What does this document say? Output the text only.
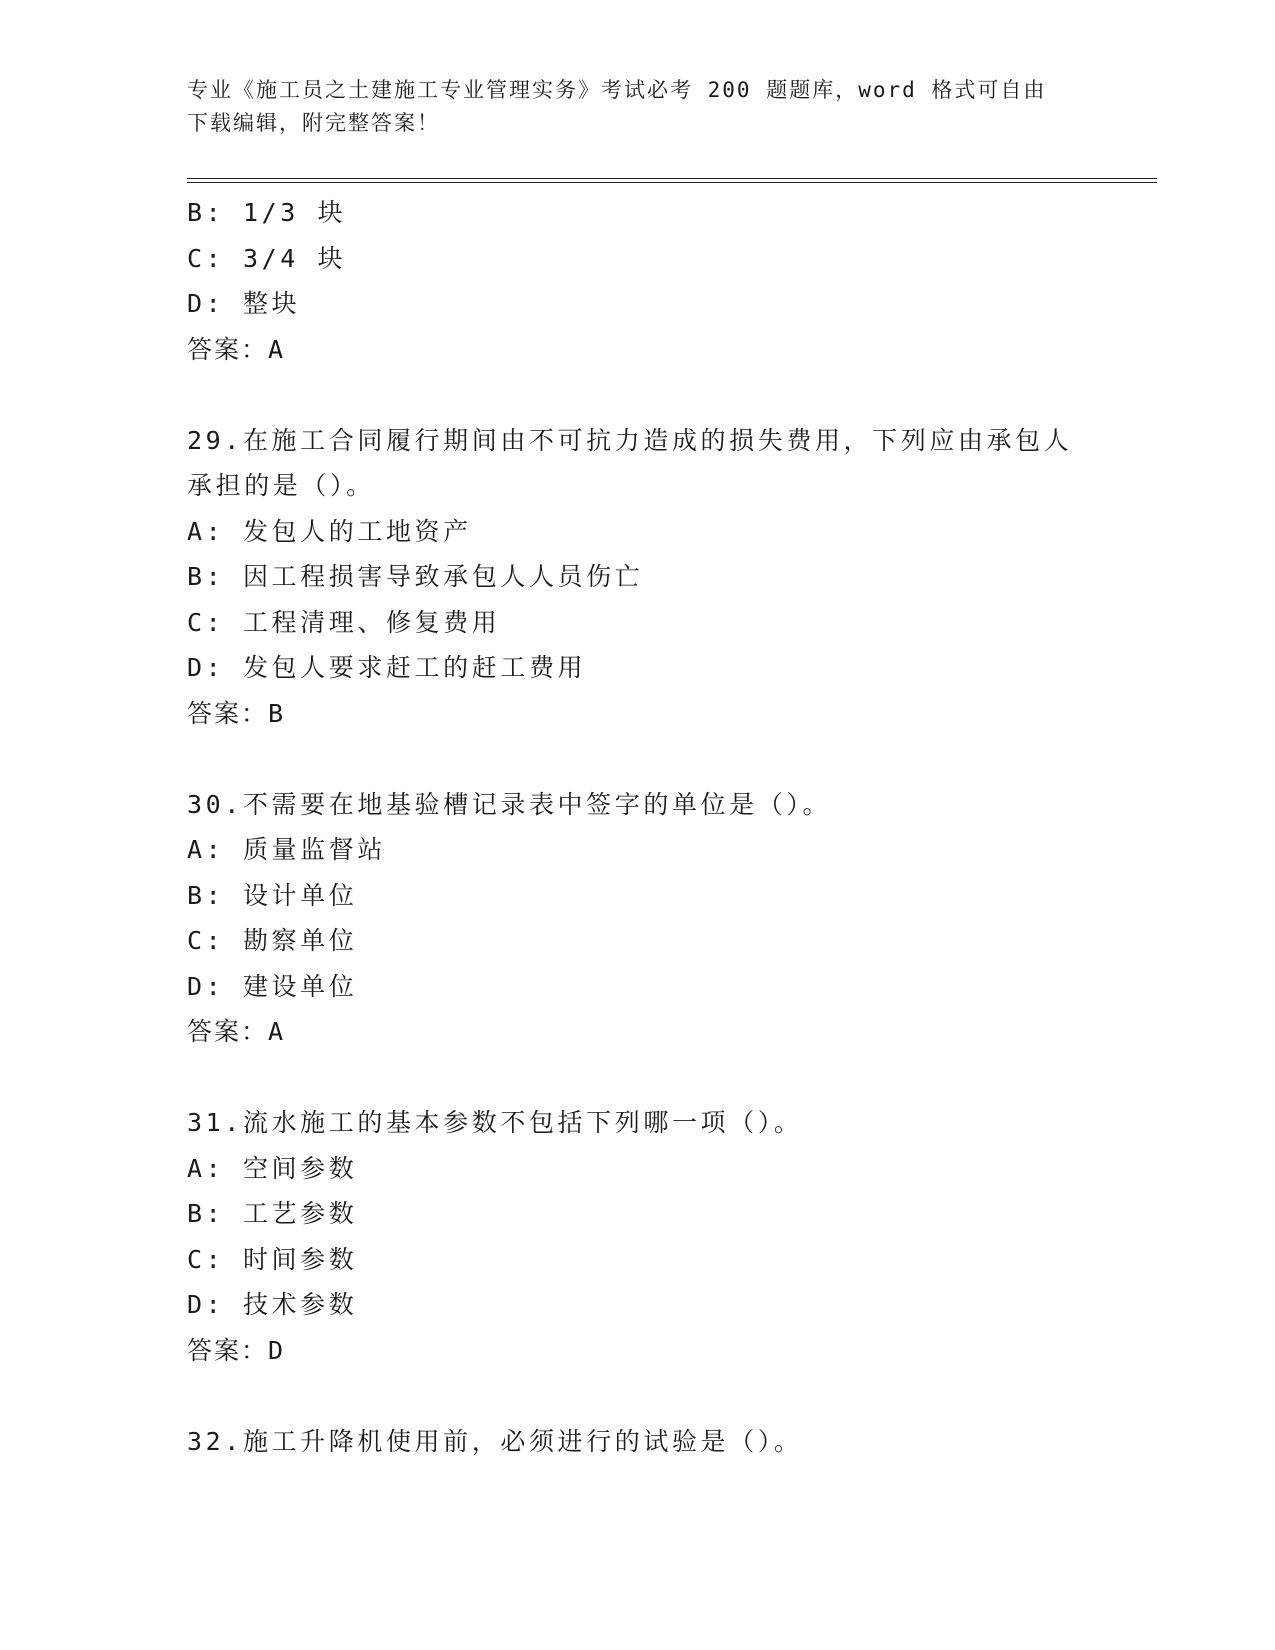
专业《施工员之土建施工专业管理实务》考试必考 200 题题库，word 格式可自由
下载编辑，附完整答案！
B: 1/3 块
C: 3/4 块
D: 整块
答案：A
29.在施工合同履行期间由不可抗力造成的损失费用，下列应由承包人
承担的是（）。
A: 发包人的工地资产
B: 因工程损害导致承包人人员伤亡
C: 工程清理、修复费用
D: 发包人要求赶工的赶工费用
答案：B
30.不需要在地基验槽记录表中签字的单位是（）。
A: 质量监督站
B: 设计单位
C: 勘察单位
D: 建设单位
答案：A
31.流水施工的基本参数不包括下列哪一项（）。
A: 空间参数
B: 工艺参数
C: 时间参数
D: 技术参数
答案：D
32.施工升降机使用前，必须进行的试验是（）。
